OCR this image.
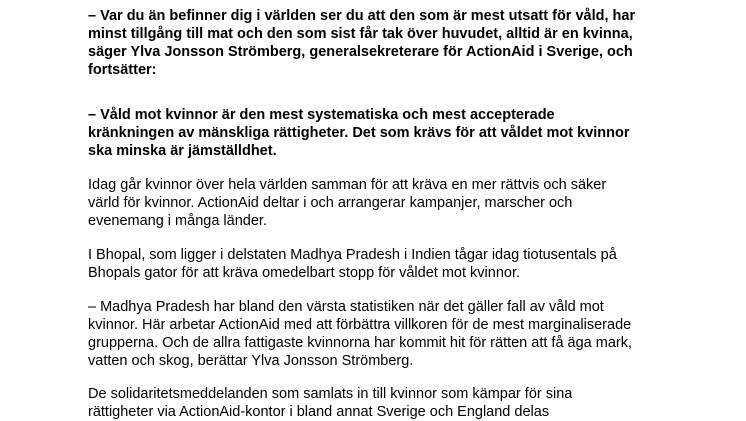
– Var du än befinner dig i världen ser du att den som är mest utsatt för våld, har
minst tillgång till mat och den som sist får tak över huvudet, alltid är en kvinna,
säger Ylva Jonsson Strömberg, generalsekreterare för ActionAid i Sverige, och
fortsätter:

– Våld mot kvinnor är den mest systematiska och mest accepterade
kränkningen av mänskliga rättigheter. Det som krävs för att våldet mot kvinnor
ska minska är jämställdhet.

Idag går kvinnor över hela världen samman för att kräva en mer rättvis och säker
värld för kvinnor. ActionAid deltar i och arrangerar kampanjer, marscher och
evenemang i många länder.

I Bhopal, som ligger i delstaten Madhya Pradesh i Indien tågar idag tiotusentals på
Bhopals gator för att kräva omedelbart stopp för våldet mot kvinnor.

– Madhya Pradesh har bland den värsta statistiken när det gäller fall av våld mot
kvinnor. Här arbetar ActionAid med att förbättra villkoren för de mest marginaliserade
grupperna. Och de allra fattigaste kvinnorna har kommit hit för rätten att få äga mark,
vatten och skog, berättar Ylva Jonsson Strömberg.

De solidaritetsmeddelanden som samlats in till kvinnor som kämpar för sina
rättigheter via ActionAid-kontor i bland annat Sverige och England delas
